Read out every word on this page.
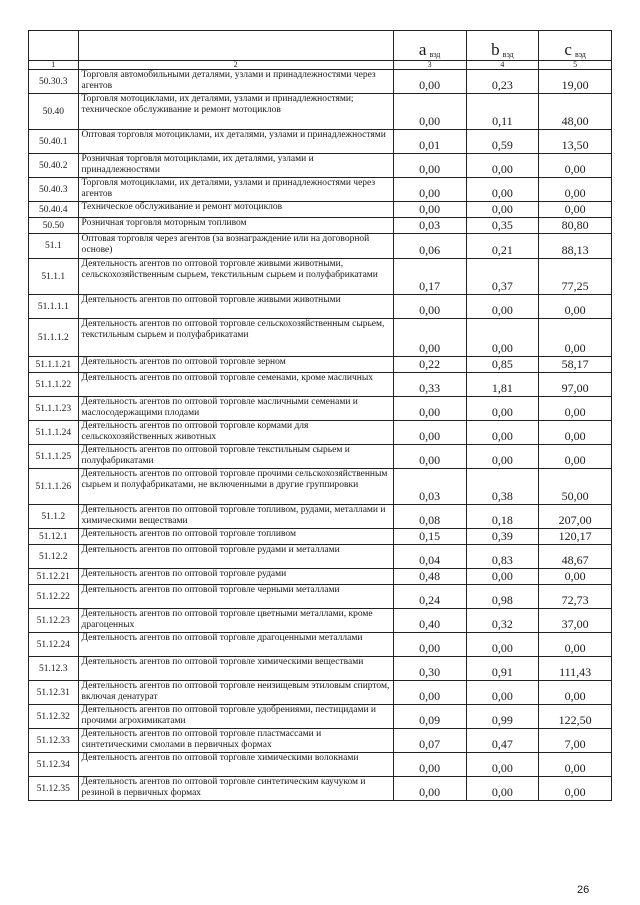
		a $_{вэд}$	b $_{вэд}$	c $_{вэд}$
1	2	3	4	5
50.30.3	Торговля автомобильными деталями, узлами и принадлежностями через агентов	0,00	0,23	19,00
50.40	Торговля мотоциклами, их деталями, узлами и принадлежностями; техническое обслуживание и ремонт мотоциклов	0,00	0,11	48,00
50.40.1	Оптовая торговля мотоциклами, их деталями, узлами и принадлежностями	0,01	0,59	13,50
50.40.2	Розничная торговля мотоциклами, их деталями, узлами и принадлежностями	0,00	0,00	0,00
50.40.3	Торговля мотоциклами, их деталями, узлами и принадлежностями через агентов	0,00	0,00	0,00
50.40.4	Техническое обслуживание и ремонт мотоциклов	0,00	0,00	0,00
50.50	Розничная торговля моторным топливом	0,03	0,35	80,80
51.1	Оптовая торговля через агентов (за вознаграждение или на договорной основе)	0,06	0,21	88,13
51.1.1	Деятельность агентов по оптовой торговле живыми животными, сельскохозяйственным сырьем, текстильным сырьем и полуфабрикатами	0,17	0,37	77,25
51.1.1.1	Деятельность агентов по оптовой торговле живыми животными	0,00	0,00	0,00
51.1.1.2	Деятельность агентов по оптовой торговле сельскохозяйственным сырьем, текстильным сырьем и полуфабрикатами	0,00	0,00	0,00
51.1.1.21	Деятельность агентов по оптовой торговле зерном	0,22	0,85	58,17
51.1.1.22	Деятельность агентов по оптовой торговле семенами, кроме масличных	0,33	1,81	97,00
51.1.1.23	Деятельность агентов по оптовой торговле масличными семенами и маслосодержащими плодами	0,00	0,00	0,00
51.1.1.24	Деятельность агентов по оптовой торговле кормами для сельскохозяйственных животных	0,00	0,00	0,00
51.1.1.25	Деятельность агентов по оптовой торговле текстильным сырьем и полуфабрикатами	0,00	0,00	0,00
51.1.1.26	Деятельность агентов по оптовой торговле прочими сельскохозяйственным сырьем и полуфабрикатами, не включенными в другие группировки	0,03	0,38	50,00
51.1.2	Деятельность агентов по оптовой торговле топливом, рудами, металлами и химическими веществами	0,08	0,18	207,00
51.12.1	Деятельность агентов по оптовой торговле топливом	0,15	0,39	120,17
51.12.2	Деятельность агентов по оптовой торговле рудами и металлами	0,04	0,83	48,67
51.12.21	Деятельность агентов по оптовой торговле рудами	0,48	0,00	0,00
51.12.22	Деятельность агентов по оптовой торговле черными металлами	0,24	0,98	72,73
51.12.23	Деятельность агентов по оптовой торговле цветными металлами, кроме драгоценных	0,40	0,32	37,00
51.12.24	Деятельность агентов по оптовой торговле драгоценными металлами	0,00	0,00	0,00
51.12.3	Деятельность агентов по оптовой торговле химическими веществами	0,30	0,91	111,43
51.12.31	Деятельность агентов по оптовой торговле неизищевым этиловым спиртом, включая денатурат	0,00	0,00	0,00
51.12.32	Деятельность агентов по оптовой торговле удобрениями, пестицидами и прочими агрохимикатами	0,09	0,99	122,50
51.12.33	Деятельность агентов по оптовой торговле пластмассами и синтетическими смолами в первичных формах	0,07	0,47	7,00
51.12.34	Деятельность агентов по оптовой торговле химическими волокнами	0,00	0,00	0,00
51.12.35	Деятельность агентов по оптовой торговле синтетическим каучуком и резиной в первичных формах	0,00	0,00	0,00
26
